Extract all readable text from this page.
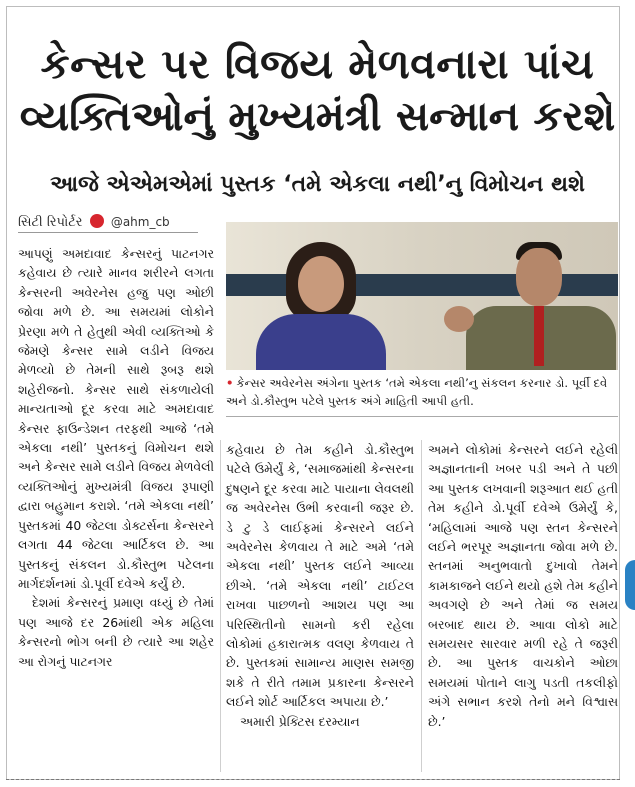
કેન્સર પર વિજય મેળવનારા પાંચ
વ્યક્તિઓનું મુખ્યમંત્રી સન્માન કરશે
આજે એએમએમાં પુસ્તક ‘તમે એકલા નથી’નુ વિમોચન થશે
સિટી રિપોર્ટર @ahm_cb

આપણું અમદાવાદ કેન્સરનું પાટનગર કહેવાય છે ત્યારે માનવ શરીરને લગતા કેન્સરની અવેરનેસ હજુ પણ ઓછી જોવા મળે છે. આ સમયમાં લોકોને પ્રેરણા મળે તે હેતુથી એવી વ્યક્તિઓ કે જેમણે કેન્સર સામે લડીને વિજય મેળવ્યો છે તેમની સાથે રૂબરૂ થશે શહેરીજનો. કેન્સર સાથે સંકળાયેલી માન્યતાઓ દૂર કરવા માટે અમદાવાદ કેન્સર ફાઉન્ડેશન તરફથી આજે ‘તમે એકલા નથી’ પુસ્તકનું વિમોચન થશે અને કેન્સર સામે લડીને વિજય મેળવેલી વ્યક્તિઓનું મુખ્યમંત્રી વિજય રૂપાણી દ્વારા બહુમાન કરાશે. ‘તમે એકલા નથી’ પુસ્તકમાં 40 જેટલા ડોક્ટર્સના કેન્સરને લગતા 44 જેટલા આર્ટિકલ છે. આ પુસ્તકનું સંકલન ડો.કૌસ્તુભ પટેલના માર્ગદર્શનમાં ડો.પૂર્વી દવેએ કર્યું છે.

દેશમાં કેન્સરનું પ્રમાણ વધ્યું છે તેમાં પણ આજે દર 26માંથી એક મહિલા કેન્સરનો ભોગ બની છે ત્યારે આ શહેર આ રોગનું પાટનગર

• કેન્સર અવેરનેસ અંગેના પુસ્તક ‘તમે એકલા નથી’નુ સંકલન કરનાર ડો. પૂર્વી દવે અને ડો.કૌસ્તુભ પટેલે પુસ્તક અંગે માહિતી આપી હતી.

કહેવાય છે તેમ કહીને ડો.કૌસ્તુભ પટેલે ઉમેર્યું કે, ‘સમાજમાંથી કેન્સરના દુષણને દૂર કરવા માટે પાયાના લેવલથી જ અવેરનેસ ઉભી કરવાની જરૂર છે. ડે ટુ ડે લાઈફમાં કેન્સરને લઈને અવેરનેસ કેળવાય તે માટે અમે ‘તમે એકલા નથી’ પુસ્તક લઈને આવ્યા છીએ. ‘તમે એકલા નથી’ ટાઈટલ રાખવા પાછળનો આશય પણ આ પરિસ્થિતીનો સામનો કરી રહેલા લોકોમાં હકારાત્મક વલણ કેળવાય તે છે. પુસ્તકમાં સામાન્ય માણસ સમજી શકે તે રીતે તમામ પ્રકારના કેન્સરને લઈને શોર્ટ આર્ટિકલ અપાયા છે.’

અમારી પ્રેક્ટિસ દરમ્યાન

અમને લોકોમાં કેન્સરને લઈને રહેલી અજ્ઞાનતાની ખબર પડી અને તે પછી આ પુસ્તક લખવાની શરૂઆત થઈ હતી તેમ કહીને ડો.પૂર્વી દવેએ ઉમેર્યું કે, ‘મહિલામાં આજે પણ સ્તન કેન્સરને લઈને ભરપૂર અજ્ઞાનતા જોવા મળે છે. સ્તનમાં અનુભવાતો દુખાવો તેમને કામકાજને લઈને થયો હશે તેમ કહીને અવગણે છે અને તેમાં જ સમય બરબાદ થાય છે. આવા લોકો માટે સમયસર સારવાર મળી રહે તે જરૂરી છે. આ પુસ્તક વાચકોને ઓછા સમયમાં પોતાને લાગુ પડતી તકલીફો અંગે સભાન કરશે તેનો મને વિશ્વાસ છે.’
